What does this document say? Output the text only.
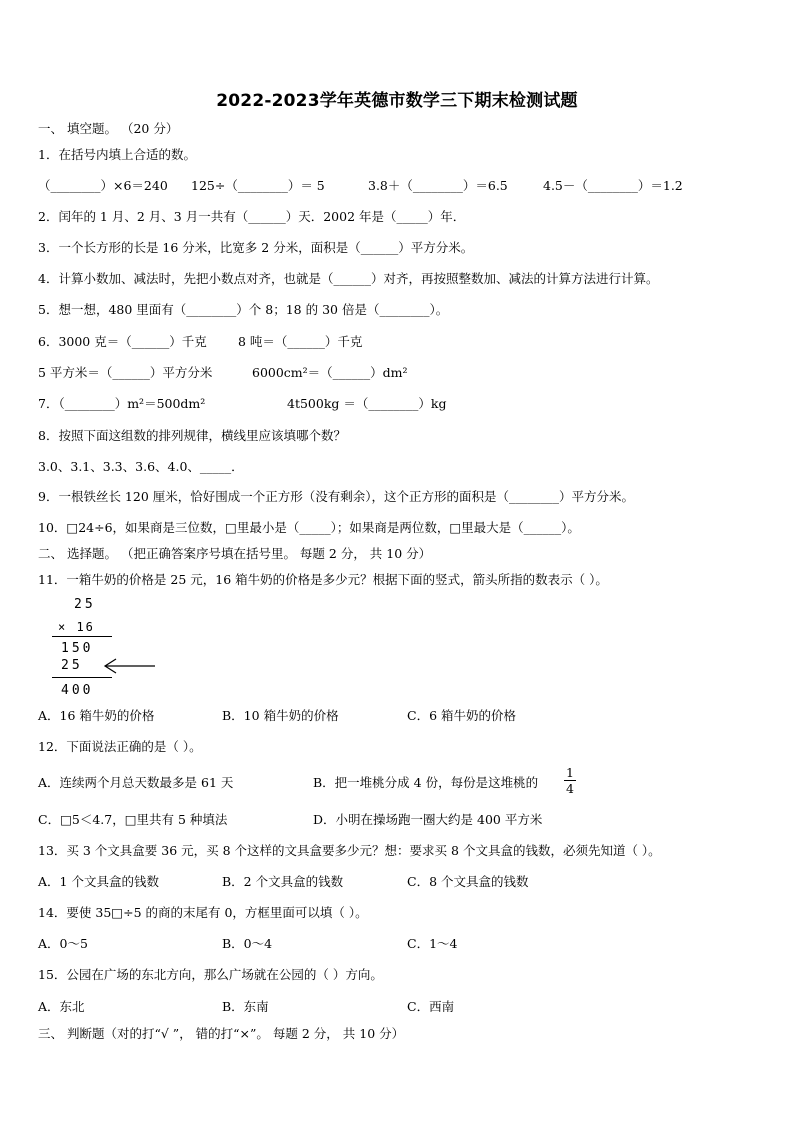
2022-2023学年英德市数学三下期末检测试题
一、 填空题。 （20 分）
1．在括号内填上合适的数。
（________）×6＝240 125÷（________）＝ 5	3.8＋（________）＝6.5	4.5－（________）＝1.2
2．闰年的 1 月、2 月、3 月一共有（______）天．2002 年是（_____）年．
3．一个长方形的长是 16 分米，比宽多 2 分米，面积是（______）平方分米。
4．计算小数加、减法时，先把小数点对齐，也就是（______）对齐，再按照整数加、减法的计算方法进行计算。
5．想一想，480 里面有（________）个 8；18 的 30 倍是（________）。
6．3000 克＝（______）千克	8 吨＝（______）千克
5 平方米＝（______）平方分米	6000cm²＝（______）dm²
7．（________）m²＝500dm²	4t500kg ＝（________）kg
8．按照下面这组数的排列规律，横线里应该填哪个数？
3.0、3.1、3.3、3.6、4.0、_____．
9．一根铁丝长 120 厘米，恰好围成一个正方形（没有剩余），这个正方形的面积是（________）平方分米。
10．□24÷6，如果商是三位数，□里最小是（_____）；如果商是两位数，□里最大是（______）。
二、 选择题。 （把正确答案序号填在括号里。 每题 2 分， 共 10 分）
11．一箱牛奶的价格是 25 元，16 箱牛奶的价格是多少元？根据下面的竖式，箭头所指的数表示（ ）。
25
× 16
150
25
400
A．16 箱牛奶的价格	B．10 箱牛奶的价格	C．6 箱牛奶的价格
12．下面说法正确的是（ ）。
A．连续两个月总天数最多是 61 天	B．把一堆桃分成 4 份，每份是这堆桃的 $\frac{1}{4}$
C．□5＜4.7，□里共有 5 种填法	D．小明在操场跑一圈大约是 400 平方米
13．买 3 个文具盒要 36 元，买 8 个这样的文具盒要多少元？想：要求买 8 个文具盒的钱数，必须先知道（ ）。
A．1 个文具盒的钱数	B．2 个文具盒的钱数	C．8 个文具盒的钱数
14．要使 35□÷5 的商的末尾有 0，方框里面可以填（ ）。
A．0～5	B．0～4	C．1～4
15．公园在广场的东北方向，那么广场就在公园的（ ）方向。
A．东北	B．东南	C．西南
三、 判断题（对的打“√ ”， 错的打“×”。 每题 2 分， 共 10 分）
